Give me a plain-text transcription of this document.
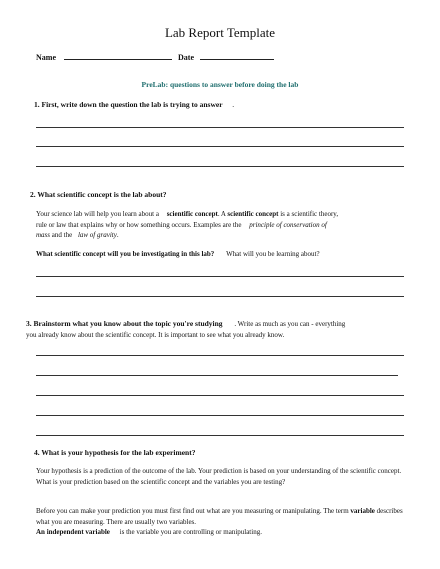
Lab Report Template
Name	Date
PreLab: questions to answer before doing the lab
1. First, write down the question the lab is trying to answer .
2. What scientific concept is the lab about?
Your science lab will help you learn about a scientific concept. A scientific concept is a scientific theory,
rule or law that explains why or how something occurs. Examples are the principle of conservation of
mass and the law of gravity.
What scientific concept will you be investigating in this lab? What will you be learning about?
3. Brainstorm what you know about the topic you're studying . Write as much as you can - everything
you already know about the scientific concept. It is important to see what you already know.
4. What is your hypothesis for the lab experiment?
Your hypothesis is a prediction of the outcome of the lab. Your prediction is based on your understanding of the scientific concept. What is your prediction based on the scientific concept and the variables you are testing?
Before you can make your prediction you must first find out what are you measuring or manipulating. The term variable describes what you are measuring. There are usually two variables.
An independent variable is the variable you are controlling or manipulating.
